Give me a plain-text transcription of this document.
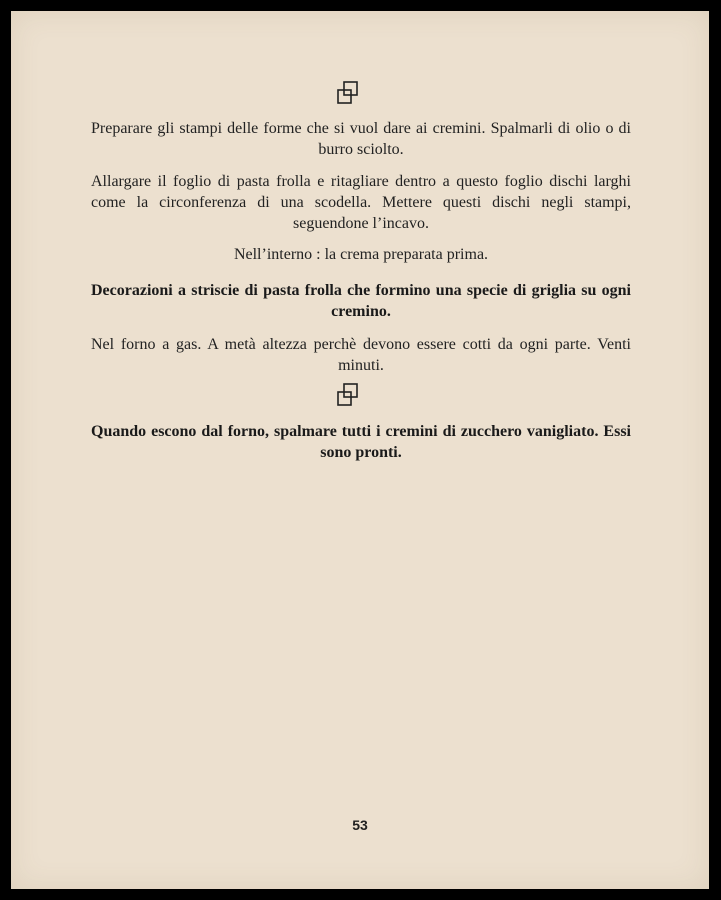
Preparare gli stampi delle forme che si vuol dare ai cremini. Spalmarli di olio o di burro sciolto.

Allargare il foglio di pasta frolla e ritagliare dentro a questo foglio dischi larghi come la circonferenza di una scodella. Mettere questi dischi negli stampi, seguendone l’incavo.

Nell’interno : la crema preparata prima.

Decorazioni a striscie di pasta frolla che formino una specie di griglia su ogni cremino.

Nel forno a gas. A metà altezza perchè devono essere cotti da ogni parte. Venti minuti.

Quando escono dal forno, spalmare tutti i cremini di zucchero vanigliato. Essi sono pronti.

53
